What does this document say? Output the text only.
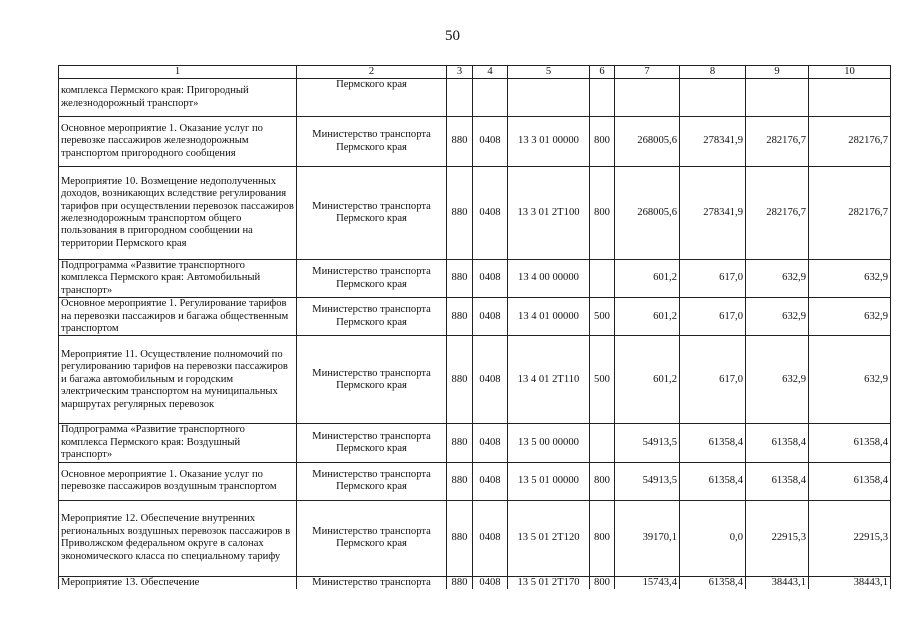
50
1	2	3	4	5	6	7	8	9	10
комплекса Пермского края: Пригородный железнодорожный транспорт»	Пермского края								
Основное мероприятие 1. Оказание услуг по перевозке пассажиров железнодорожным транспортом пригородного сообщения	Министерство транспорта Пермского края	880	0408	13 3 01 00000	800	268005,6	278341,9	282176,7	282176,7
Мероприятие 10. Возмещение недополученных доходов, возникающих вследствие регулирования тарифов при осуществлении перевозок пассажиров железнодорожным транспортом общего пользования в пригородном сообщении на территории Пермского края	Министерство транспорта Пермского края	880	0408	13 3 01 2Т100	800	268005,6	278341,9	282176,7	282176,7
Подпрограмма «Развитие транспортного комплекса Пермского края: Автомобильный транспорт»	Министерство транспорта Пермского края	880	0408	13 4 00 00000		601,2	617,0	632,9	632,9
Основное мероприятие 1. Регулирование тарифов на перевозки пассажиров и багажа общественным транспортом	Министерство транспорта Пермского края	880	0408	13 4 01 00000	500	601,2	617,0	632,9	632,9
Мероприятие 11. Осуществление полномочий по регулированию тарифов на перевозки пассажиров и багажа автомобильным и городским электрическим транспортом на муниципальных маршрутах регулярных перевозок	Министерство транспорта Пермского края	880	0408	13 4 01 2Т110	500	601,2	617,0	632,9	632,9
Подпрограмма «Развитие транспортного комплекса Пермского края: Воздушный транспорт»	Министерство транспорта Пермского края	880	0408	13 5 00 00000		54913,5	61358,4	61358,4	61358,4
Основное мероприятие 1. Оказание услуг по перевозке пассажиров воздушным транспортом	Министерство транспорта Пермского края	880	0408	13 5 01 00000	800	54913,5	61358,4	61358,4	61358,4
Мероприятие 12. Обеспечение внутренних региональных воздушных перевозок пассажиров в Приволжском федеральном округе в салонах экономического класса по специальному тарифу	Министерство транспорта Пермского края	880	0408	13 5 01 2Т120	800	39170,1	0,0	22915,3	22915,3
Мероприятие 13. Обеспечение	Министерство транспорта	880	0408	13 5 01 2Т170	800	15743,4	61358,4	38443,1	38443,1
